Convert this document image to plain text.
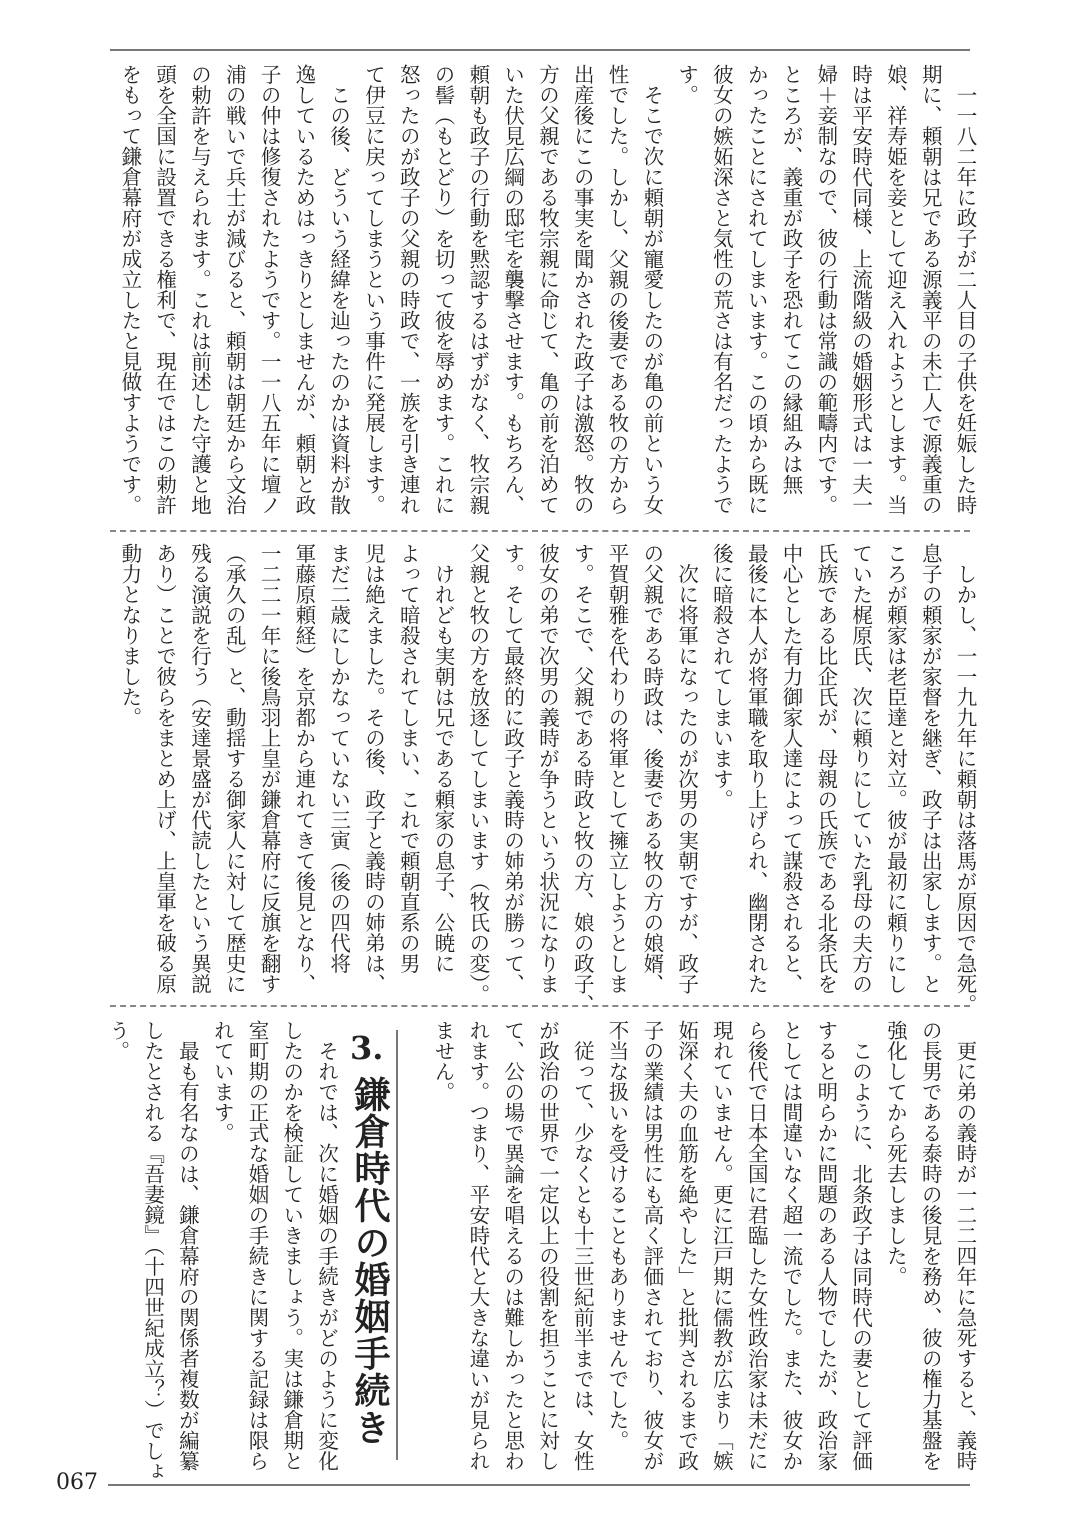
　一一八二年に政子が二人目の子供を妊娠した時
期に、頼朝は兄である源義平の未亡人で源義重の
娘、祥寿姫を妾として迎え入れようとします。当
時は平安時代同様、上流階級の婚姻形式は一夫一
婦＋妾制なので、彼の行動は常識の範疇内です。
ところが、義重が政子を恐れてこの縁組みは無
かったことにされてしまいます。この頃から既に
彼女の嫉妬深さと気性の荒さは有名だったようで
す。
　そこで次に頼朝が寵愛したのが亀の前という女
性でした。しかし、父親の後妻である牧の方から
出産後にこの事実を聞かされた政子は激怒。牧の
方の父親である牧宗親に命じて、亀の前を泊めて
いた伏見広綱の邸宅を襲撃させます。もちろん、
頼朝も政子の行動を黙認するはずがなく、牧宗親
の髻（もとどり）を切って彼を辱めます。これに
怒ったのが政子の父親の時政で、一族を引き連れ
て伊豆に戻ってしまうという事件に発展します。
　この後、どういう経緯を辿ったのかは資料が散
逸しているためはっきりとしませんが、頼朝と政
子の仲は修復されたようです。一一八五年に壇ノ
浦の戦いで兵士が減びると、頼朝は朝廷から文治
の勅許を与えられます。これは前述した守護と地
頭を全国に設置できる権利で、現在ではこの勅許
をもって鎌倉幕府が成立したと見做すようです。
　しかし、一一九九年に頼朝は落馬が原因で急死。
息子の頼家が家督を継ぎ、政子は出家します。と
ころが頼家は老臣達と対立。彼が最初に頼りにし
ていた梶原氏、次に頼りにしていた乳母の夫方の
氏族である比企氏が、母親の氏族である北条氏を
中心とした有力御家人達によって謀殺されると、
最後に本人が将軍職を取り上げられ、幽閉された
後に暗殺されてしまいます。
　次に将軍になったのが次男の実朝ですが、政子
の父親である時政は、後妻である牧の方の娘婿、
平賀朝雅を代わりの将軍として擁立しようとしま
す。そこで、父親である時政と牧の方、娘の政子、
彼女の弟で次男の義時が争うという状況になりま
す。そして最終的に政子と義時の姉弟が勝って、
父親と牧の方を放逐してしまいます（牧氏の変）。
　けれども実朝は兄である頼家の息子、公暁に
よって暗殺されてしまい、これで頼朝直系の男
児は絶えました。その後、政子と義時の姉弟は、
まだ二歳にしかなっていない三寅（後の四代将
軍藤原頼経）を京都から連れてきて後見となり、
一二二一年に後鳥羽上皇が鎌倉幕府に反旗を翻す
（承久の乱）と、動揺する御家人に対して歴史に
残る演説を行う（安達景盛が代読したという異説
あり）ことで彼らをまとめ上げ、上皇軍を破る原
動力となりました。
　更に弟の義時が一二二四年に急死すると、義時
の長男である泰時の後見を務め、彼の権力基盤を
強化してから死去しました。
　このように、北条政子は同時代の妻として評価
すると明らかに問題のある人物でしたが、政治家
としては間違いなく超一流でした。また、彼女か
ら後代で日本全国に君臨した女性政治家は未だに
現れていません。更に江戸期に儒教が広まり「嫉
妬深く夫の血筋を絶やした」と批判されるまで政
子の業績は男性にも高く評価されており、彼女が
不当な扱いを受けることもありませんでした。
　従って、少なくとも十三世紀前半までは、女性
が政治の世界で一定以上の役割を担うことに対し
て、公の場で異論を唱えるのは難しかったと思わ
れます。つまり、平安時代と大きな違いが見られ
ません。
3.
鎌倉時代の婚姻手続き
　それでは、次に婚姻の手続きがどのように変化
したのかを検証していきましょう。実は鎌倉期と
室町期の正式な婚姻の手続きに関する記録は限ら
れています。
　最も有名なのは、鎌倉幕府の関係者複数が編纂
したとされる『吾妻鏡』（十四世紀成立？）でしょ
う。
067
